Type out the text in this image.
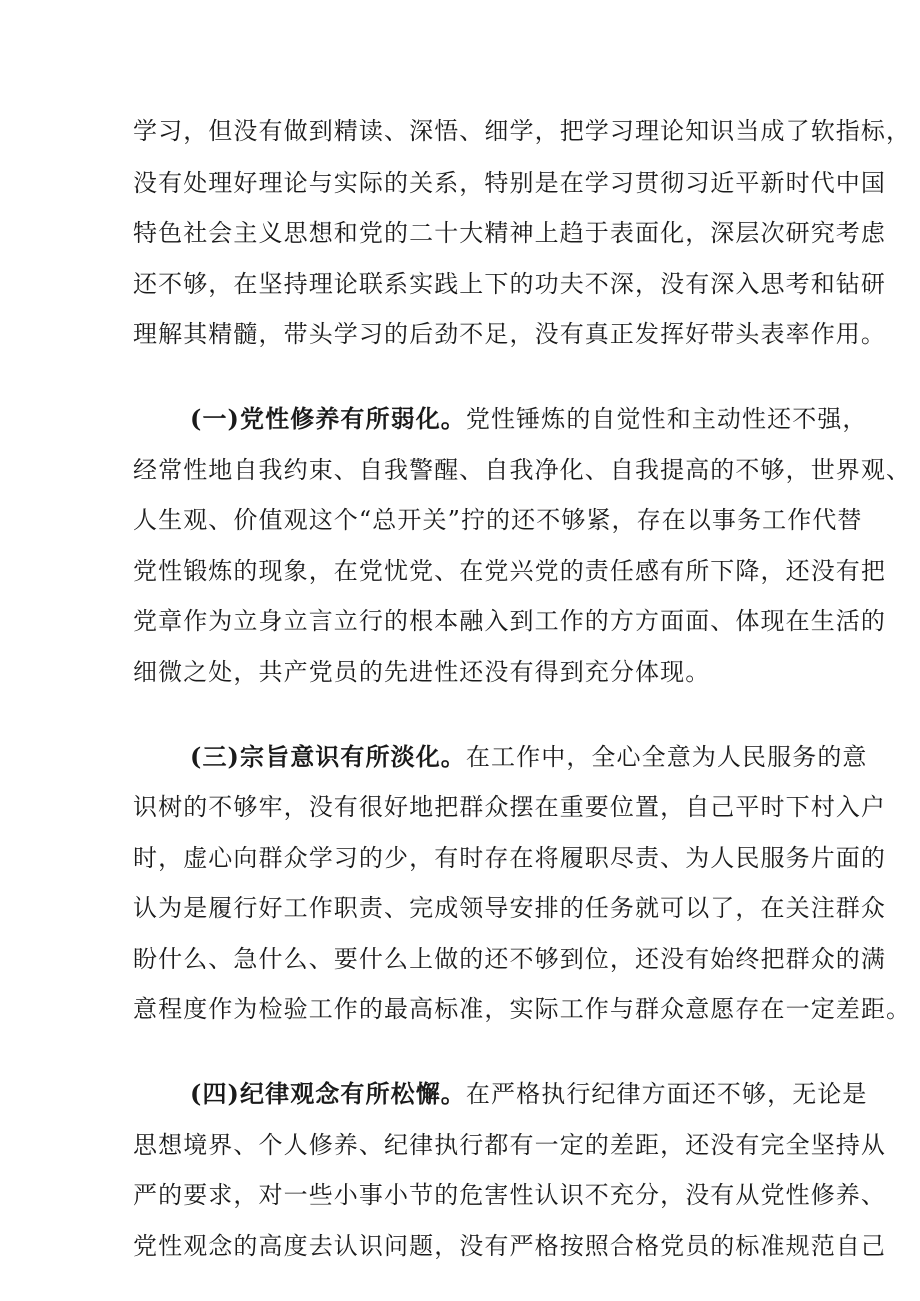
学习，但没有做到精读、深悟、细学，把学习理论知识当成了软指标，
没有处理好理论与实际的关系，特别是在学习贯彻习近平新时代中国
特色社会主义思想和党的二十大精神上趋于表面化，深层次研究考虑
还不够，在坚持理论联系实践上下的功夫不深，没有深入思考和钻研
理解其精髓，带头学习的后劲不足，没有真正发挥好带头表率作用。
(一)党性修养有所弱化。党性锤炼的自觉性和主动性还不强，
经常性地自我约束、自我警醒、自我净化、自我提高的不够，世界观、
人生观、价值观这个“总开关”拧的还不够紧，存在以事务工作代替
党性锻炼的现象，在党忧党、在党兴党的责任感有所下降，还没有把
党章作为立身立言立行的根本融入到工作的方方面面、体现在生活的
细微之处，共产党员的先进性还没有得到充分体现。
(三)宗旨意识有所淡化。在工作中，全心全意为人民服务的意
识树的不够牢，没有很好地把群众摆在重要位置，自己平时下村入户
时，虚心向群众学习的少，有时存在将履职尽责、为人民服务片面的
认为是履行好工作职责、完成领导安排的任务就可以了，在关注群众
盼什么、急什么、要什么上做的还不够到位，还没有始终把群众的满
意程度作为检验工作的最高标准，实际工作与群众意愿存在一定差距。
(四)纪律观念有所松懈。在严格执行纪律方面还不够，无论是
思想境界、个人修养、纪律执行都有一定的差距，还没有完全坚持从
严的要求，对一些小事小节的危害性认识不充分，没有从党性修养、
党性观念的高度去认识问题，没有严格按照合格党员的标准规范自己
